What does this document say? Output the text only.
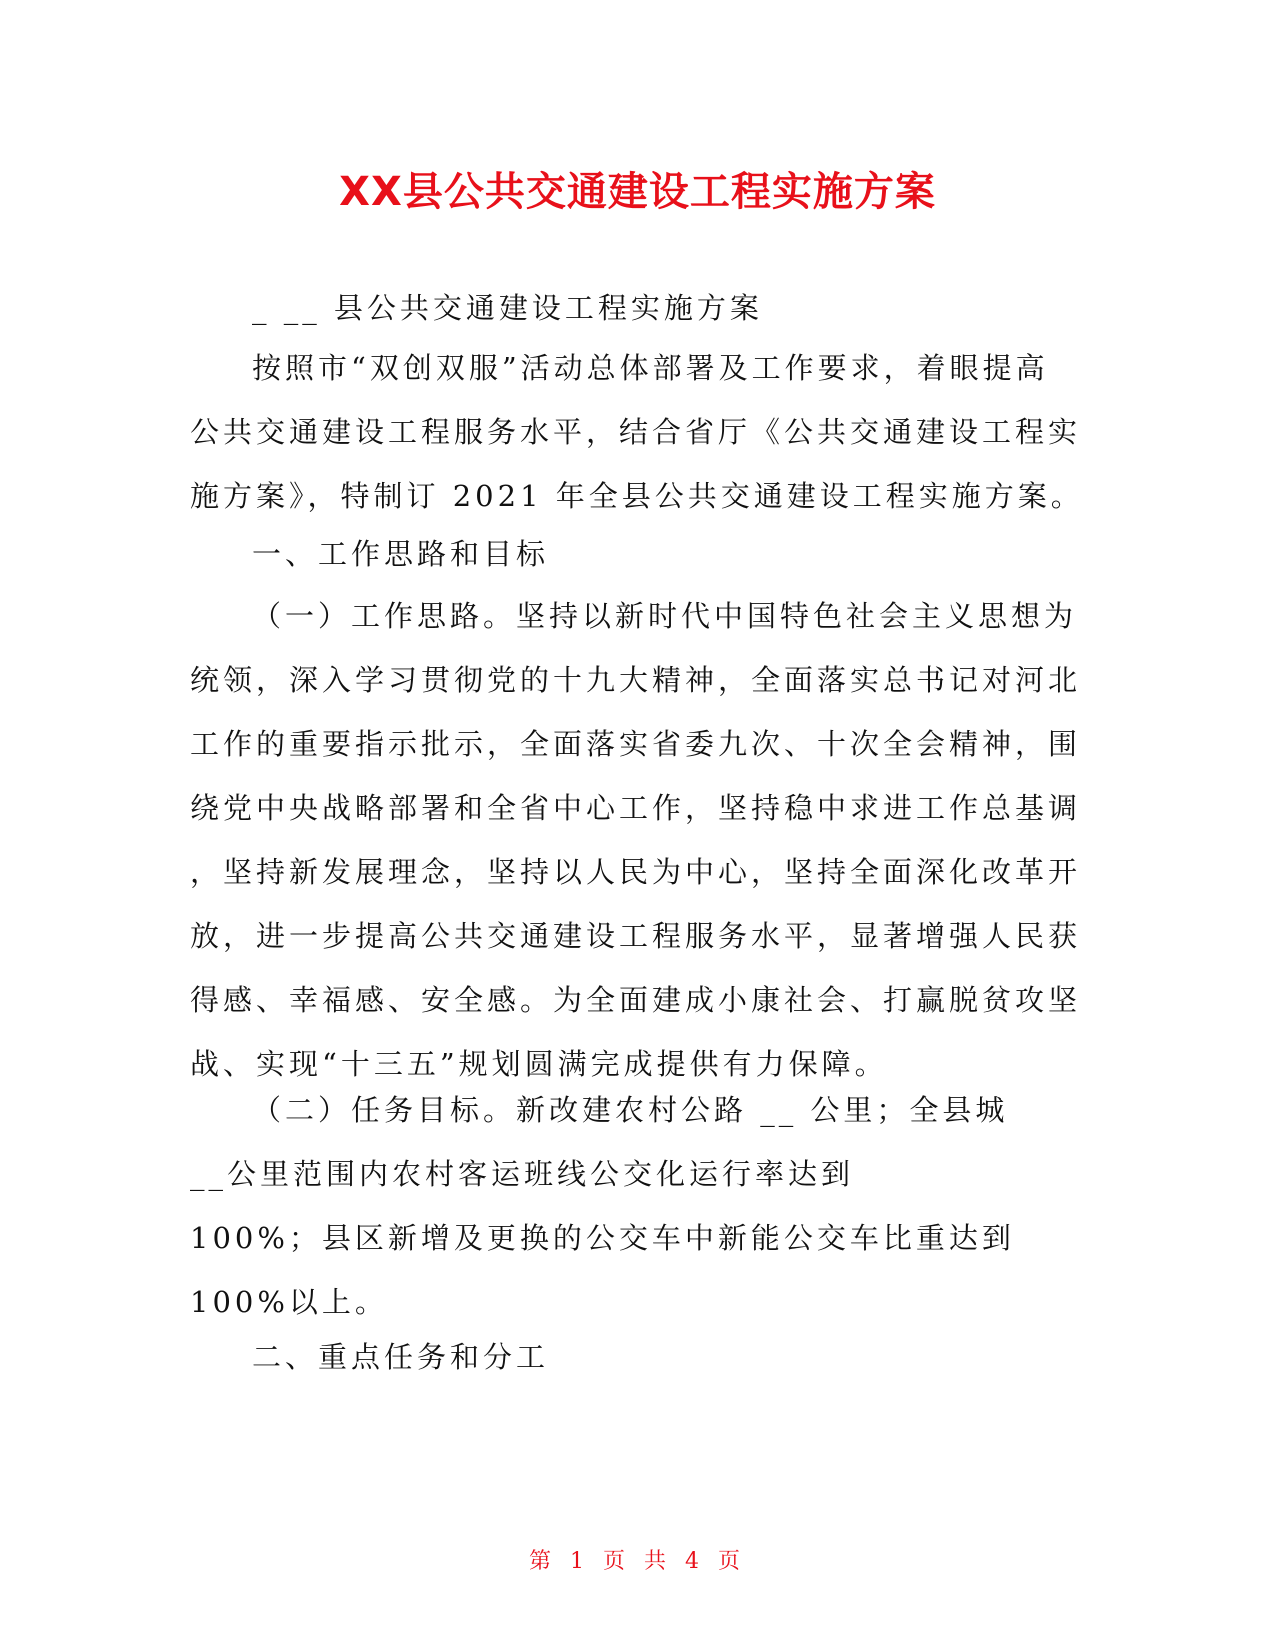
XX县公共交通建设工程实施方案
_ __ 县公共交通建设工程实施方案
按照市“双创双服”活动总体部署及工作要求，着眼提高
公共交通建设工程服务水平，结合省厅《公共交通建设工程实
施方案》，特制订 2021 年全县公共交通建设工程实施方案。
一、工作思路和目标
（一）工作思路。坚持以新时代中国特色社会主义思想为
统领，深入学习贯彻党的十九大精神，全面落实总书记对河北
工作的重要指示批示，全面落实省委九次、十次全会精神，围
绕党中央战略部署和全省中心工作，坚持稳中求进工作总基调
，坚持新发展理念，坚持以人民为中心，坚持全面深化改革开
放，进一步提高公共交通建设工程服务水平，显著增强人民获
得感、幸福感、安全感。为全面建成小康社会、打赢脱贫攻坚
战、实现“十三五”规划圆满完成提供有力保障。
（二）任务目标。新改建农村公路 __ 公里；全县城
__公里范围内农村客运班线公交化运行率达到
100%；县区新增及更换的公交车中新能公交车比重达到
100%以上。
二、重点任务和分工
第 1 页 共 4 页
